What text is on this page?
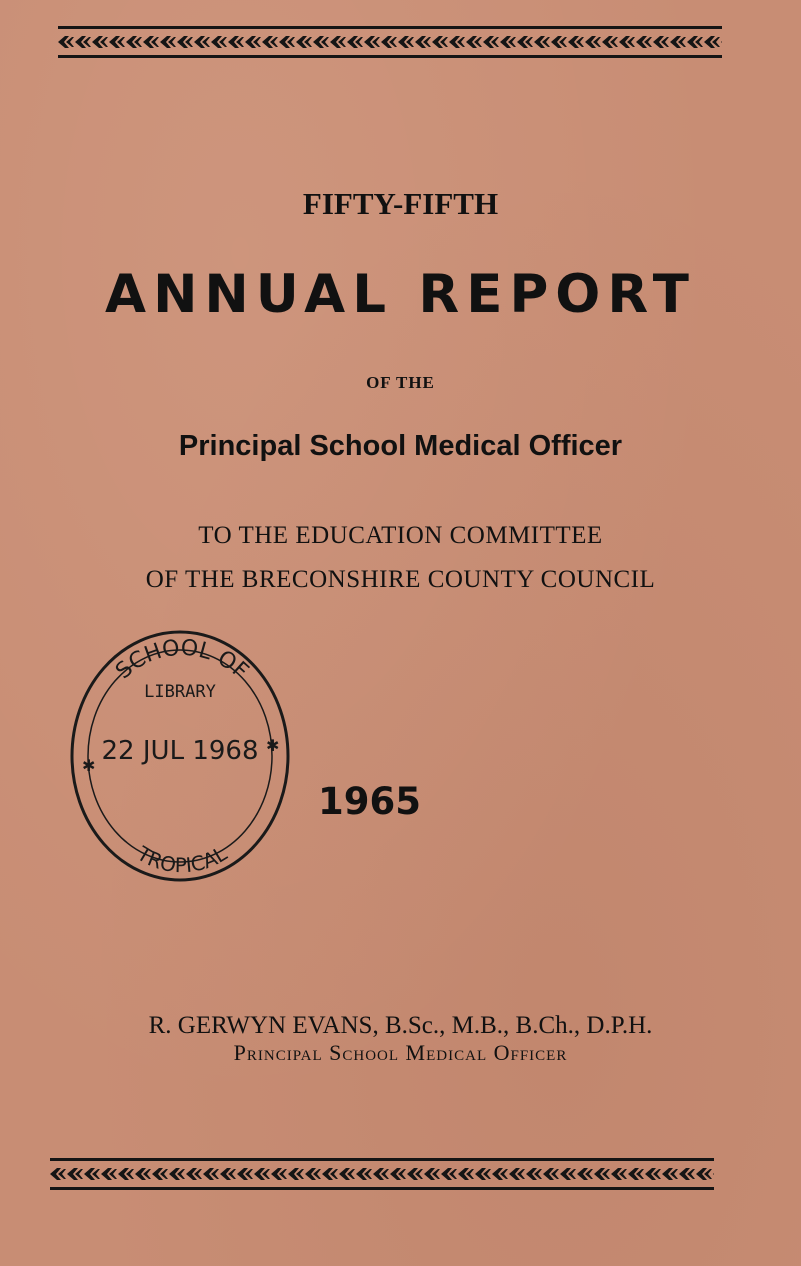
FIFTY-FIFTH
ANNUAL REPORT
OF THE
Principal School Medical Officer
TO THE EDUCATION COMMITTEE
OF THE BRECONSHIRE COUNTY COUNCIL
SCHOOL OF
LIBRARY
22 JUL 1968
TROPICAL
✱
✱
1965
R. GERWYN EVANS, B.Sc., M.B., B.Ch., D.P.H.
Principal School Medical Officer
